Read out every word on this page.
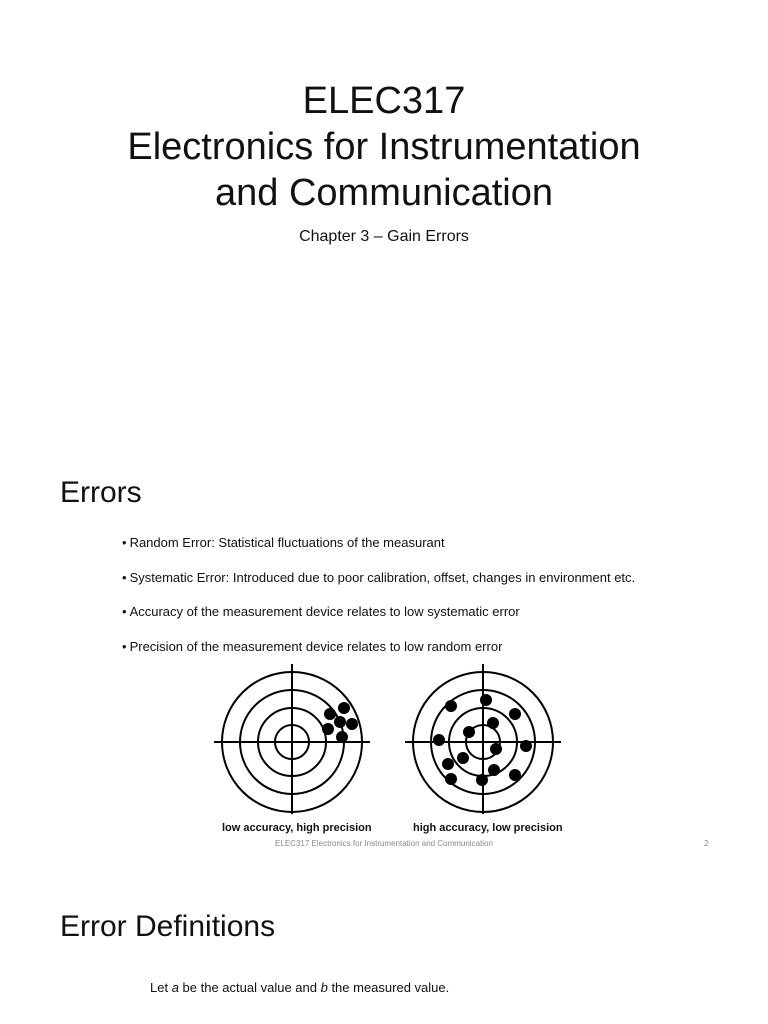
ELEC317
Electronics for Instrumentation
and Communication
Chapter 3 – Gain Errors
Errors
• Random Error: Statistical fluctuations of the measurant
• Systematic Error: Introduced due to poor calibration, offset, changes in environment etc.
• Accuracy of the measurement device relates to low systematic error
• Precision of the measurement device relates to low random error
low accuracy, high precision	high accuracy, low precision
ELEC317 Electronics for Instrumentation and Communication	2
Error Definitions
Let a be the actual value and b the measured value.
